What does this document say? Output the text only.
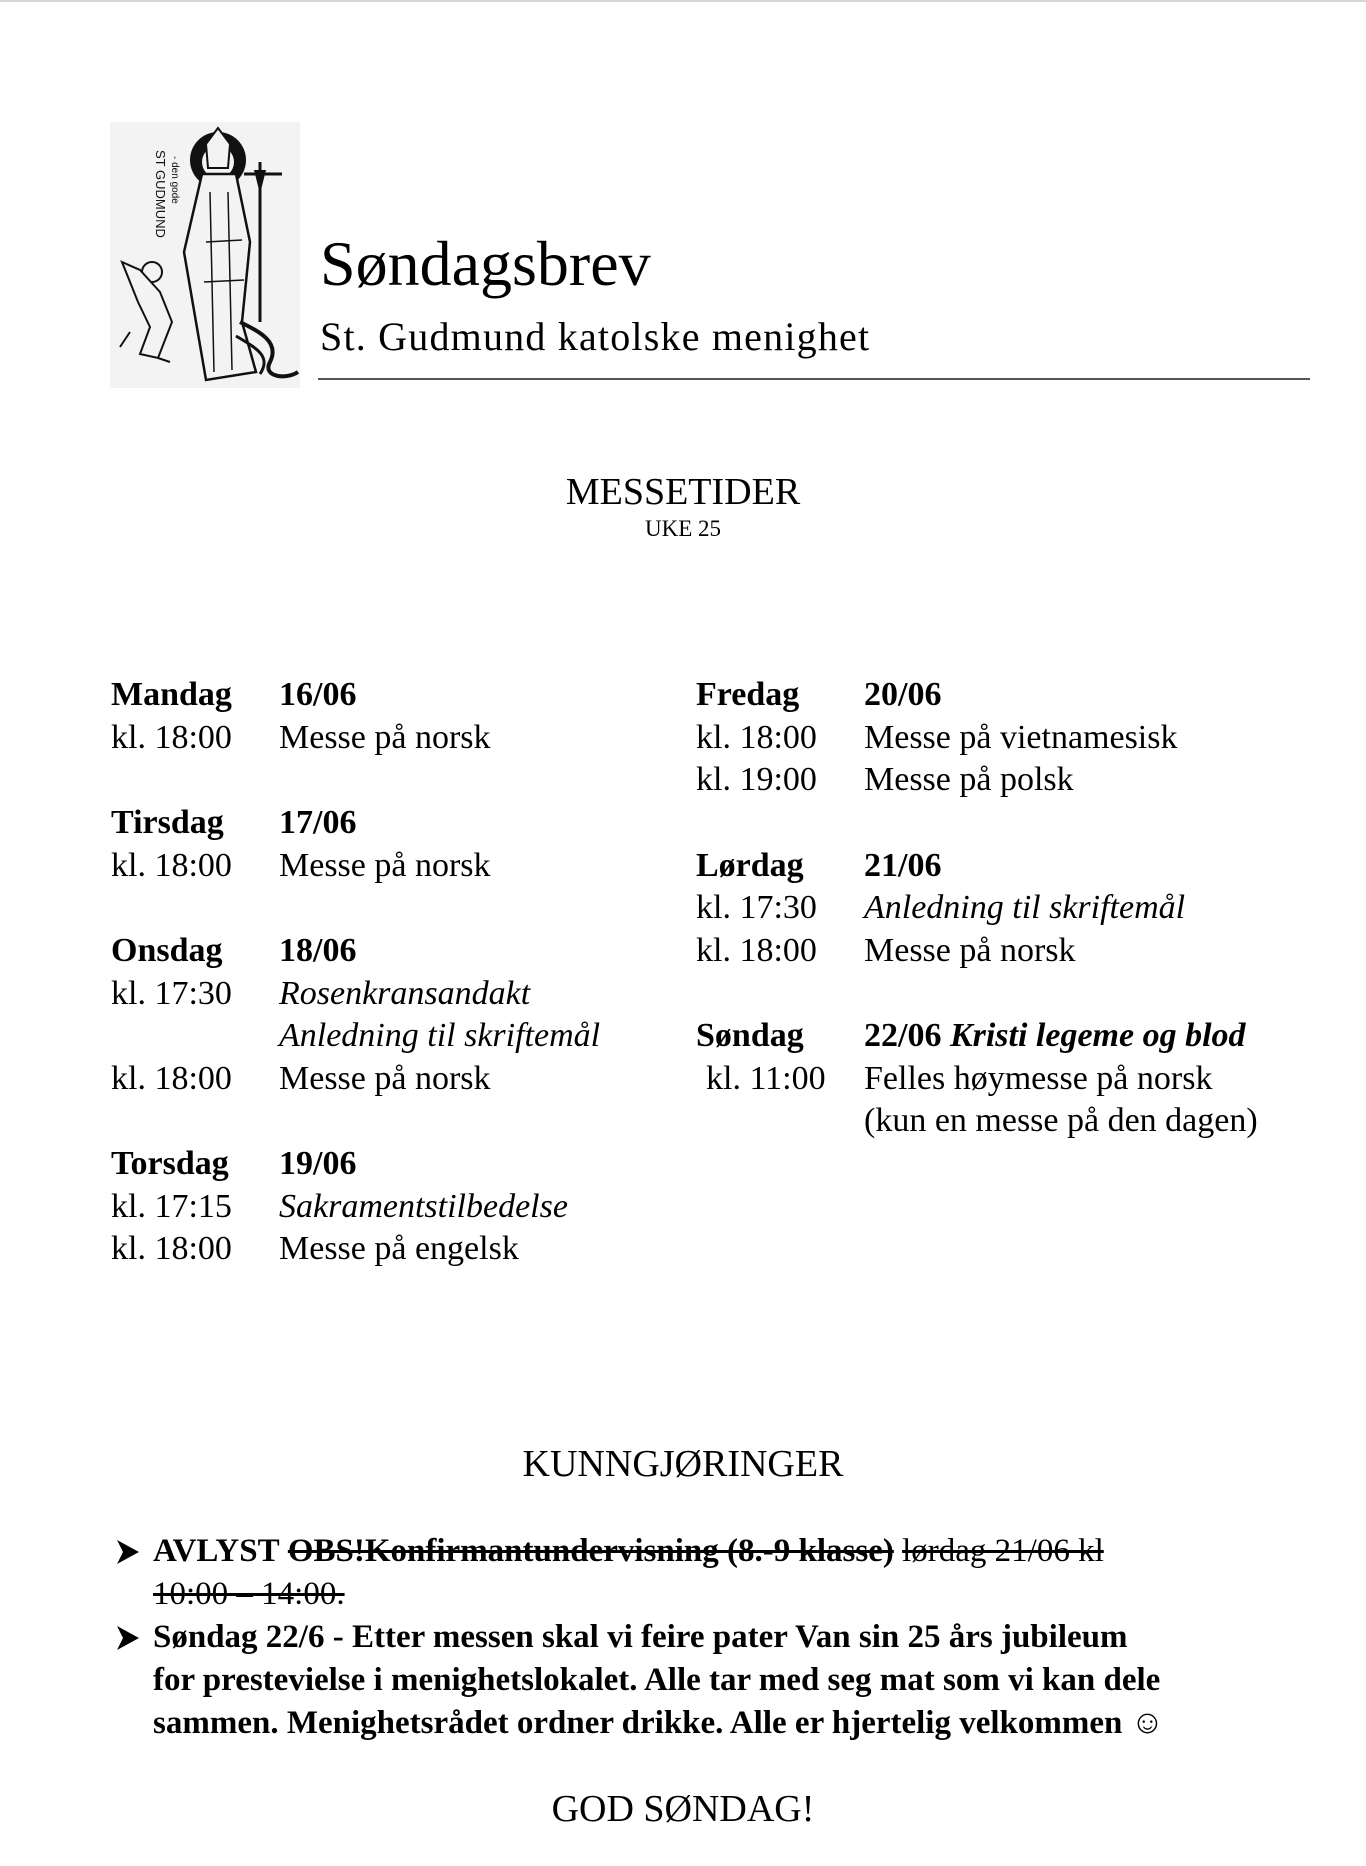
ST GUDMUND - den gode
Søndagsbrev
St. Gudmund katolske menighet
MESSETIDER
UKE 25
Mandag	16/06
kl. 18:00	Messe på norsk
Tirsdag	17/06
kl. 18:00	Messe på norsk
Onsdag	18/06
kl. 17:30	Rosenkransandakt
Anledning til skriftemål
kl. 18:00	Messe på norsk
Torsdag	19/06
kl. 17:15	Sakramentstilbedelse
kl. 18:00	Messe på engelsk
Fredag	20/06
kl. 18:00	Messe på vietnamesisk
kl. 19:00	Messe på polsk
Lørdag	21/06
kl. 17:30	Anledning til skriftemål
kl. 18:00	Messe på norsk
Søndag	22/06 Kristi legeme og blod
kl. 11:00	Felles høymesse på norsk
(kun en messe på den dagen)
KUNNGJØRINGER
AVLYST OBS!Konfirmantundervisning (8.-9 klasse) lørdag 21/06 kl
10:00 – 14:00.
Søndag 22/6 - Etter messen skal vi feire pater Van sin 25 års jubileum
for prestevielse i menighetslokalet. Alle tar med seg mat som vi kan dele
sammen. Menighetsrådet ordner drikke. Alle er hjertelig velkommen ☺
GOD SØNDAG!
